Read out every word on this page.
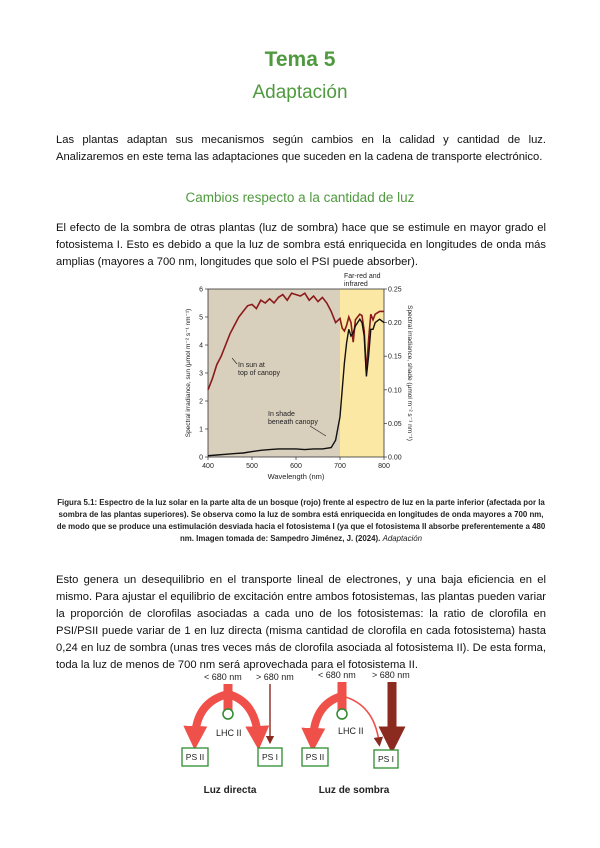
Tema 5
Adaptación
Las plantas adaptan sus mecanismos según cambios en la calidad y cantidad de luz. Analizaremos en este tema las adaptaciones que suceden en la cadena de transporte electrónico.
Cambios respecto a la cantidad de luz
El efecto de la sombra de otras plantas (luz de sombra) hace que se estimule en mayor grado el fotosistema I. Esto es debido a que la luz de sombra está enriquecida en longitudes de onda más amplias (mayores a 700 nm, longitudes que solo el PSI puede absorber).
400	500	600	700	800
0
1
2
3
4
5
6
0.00
0.05
0.10
0.15
0.20
0.25
Far-red and
infrared
In sun at
top of canopy
In shade
beneath canopy
Wavelength (nm)
Spectral irradiance, sun (μmol m⁻² s⁻¹ nm⁻¹)	Spectral irradiance, shade (μmol m⁻² s⁻¹ nm⁻¹)
Figura 5.1: Espectro de la luz solar en la parte alta de un bosque (rojo) frente al espectro de luz en la parte inferior (afectada por la sombra de las plantas superiores). Se observa como la luz de sombra está enriquecida en longitudes de onda mayores a 700 nm, de modo que se produce una estimulación desviada hacia el fotosistema I (ya que el fotosistema II absorbe preferentemente a 480 nm. Imagen tomada de: Sampedro Jiménez, J. (2024). Adaptación
Esto genera un desequilibrio en el transporte lineal de electrones, y una baja eficiencia en el mismo. Para ajustar el equilibrio de excitación entre ambos fotosistemas, las plantas pueden variar la proporción de clorofilas asociadas a cada uno de los fotosistemas: la ratio de clorofila en PSI/PSII puede variar de 1 en luz directa (misma cantidad de clorofila en cada fotosistema) hasta 0,24 en luz de sombra (unas tres veces más de clorofila asociada al fotosistema II). De esta forma, toda la luz de menos de 700 nm será aprovechada para el fotosistema II.
< 680 nm > 680 nm
LHC II
PS II	PS I
Luz directa
< 680 nm > 680 nm
LHC II
PS II	PS I
Luz de sombra
